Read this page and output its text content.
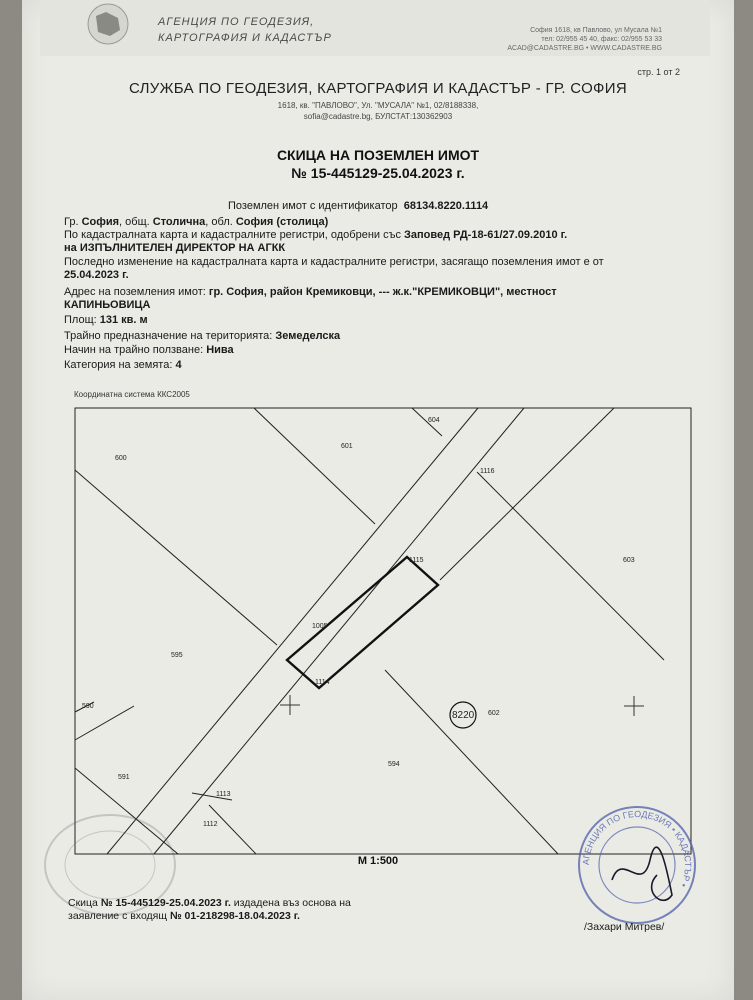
АГЕНЦИЯ ПО ГЕОДЕЗИЯ,
КАРТОГРАФИЯ И КАДАСТЪР
София 1618, кв Павлово, ул Мусала №1
тел: 02/955 45 40, факс: 02/955 53 33
ACAD@CADASTRE.BG • WWW.CADASTRE.BG
стр. 1 от 2
СЛУЖБА ПО ГЕОДЕЗИЯ, КАРТОГРАФИЯ И КАДАСТЪР - ГР. СОФИЯ
1618, кв. "ПАВЛОВО", Ул. "МУСАЛА" №1, 02/8188338,
sofia@cadastre.bg, БУЛСТАТ:130362903
СКИЦА НА ПОЗЕМЛЕН ИМОТ
№ 15-445129-25.04.2023 г.
Поземлен имот с идентификатор 68134.8220.1114
Гр. София, общ. Столична, обл. София (столица)
По кадастралната карта и кадастралните регистри, одобрени със Заповед РД-18-61/27.09.2010 г.
на ИЗПЪЛНИТЕЛЕН ДИРЕКТОР НА АГКК
Последно изменение на кадастралната карта и кадастралните регистри, засягащо поземления имот е от
25.04.2023 г.
Адрес на поземления имот: гр. София, район Кремиковци, --- ж.к."КРЕМИКОВЦИ", местност
КАПИНЬОВИЦА
Площ: 131 кв. м
Трайно предназначение на територията: Земеделска
Начин на трайно ползване: Нива
Категория на земята: 4
Координатна система ККС2005
604
601
600
1116
603
1115
1005
595
1114
590
8220 602
591
594
1113
1112
М 1:500
Скица № 15-445129-25.04.2023 г. издадена въз основа на
заявление с входящ № 01-218298-18.04.2023 г.
АГЕНЦИЯ ПО ГЕОДЕЗИЯ • КАДАСТЪР •
/Захари Митрев/
